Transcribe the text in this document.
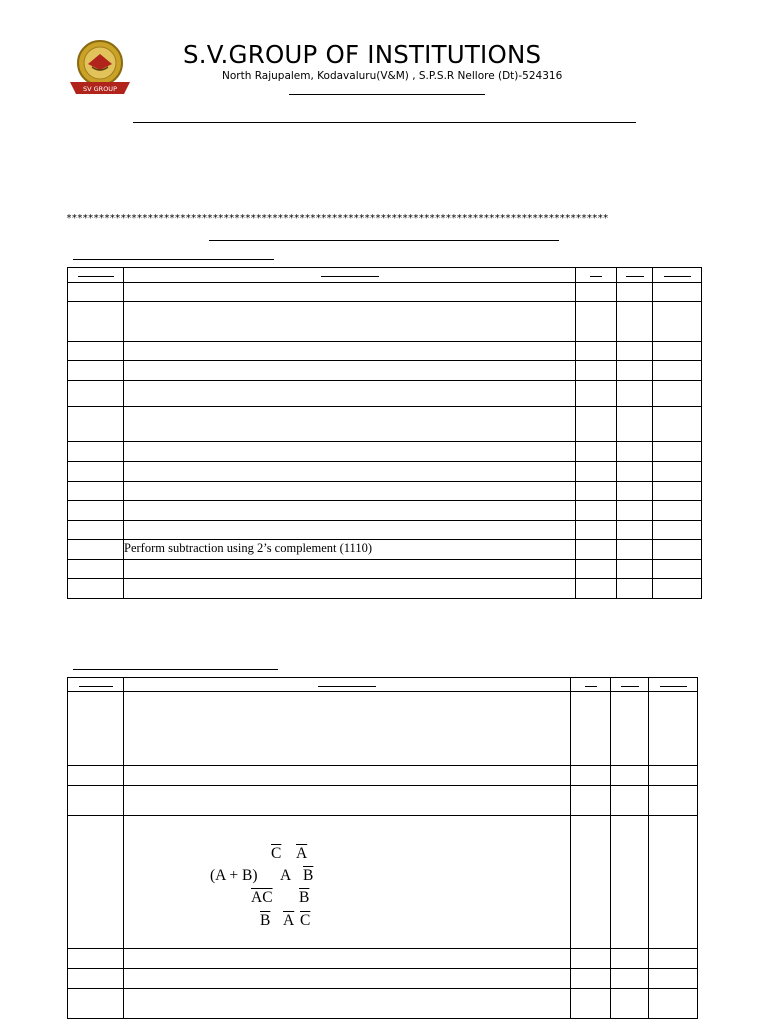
SV GROUP
S.V.GROUP OF INSTITUTIONS
North Rajupalem, Kodavaluru(V&M) , S.P.S.R Nellore (Dt)-524316
****************************************************************************************************

	Perform subtraction using 2’s complement (1110)			

$\overline{C}$ $\overline{A}$
(A + B) A $\overline{B}$
$\overline{AC}$ $\overline{B}$
$\overline{B}$ $\overline{A}$ $\overline{C}$
